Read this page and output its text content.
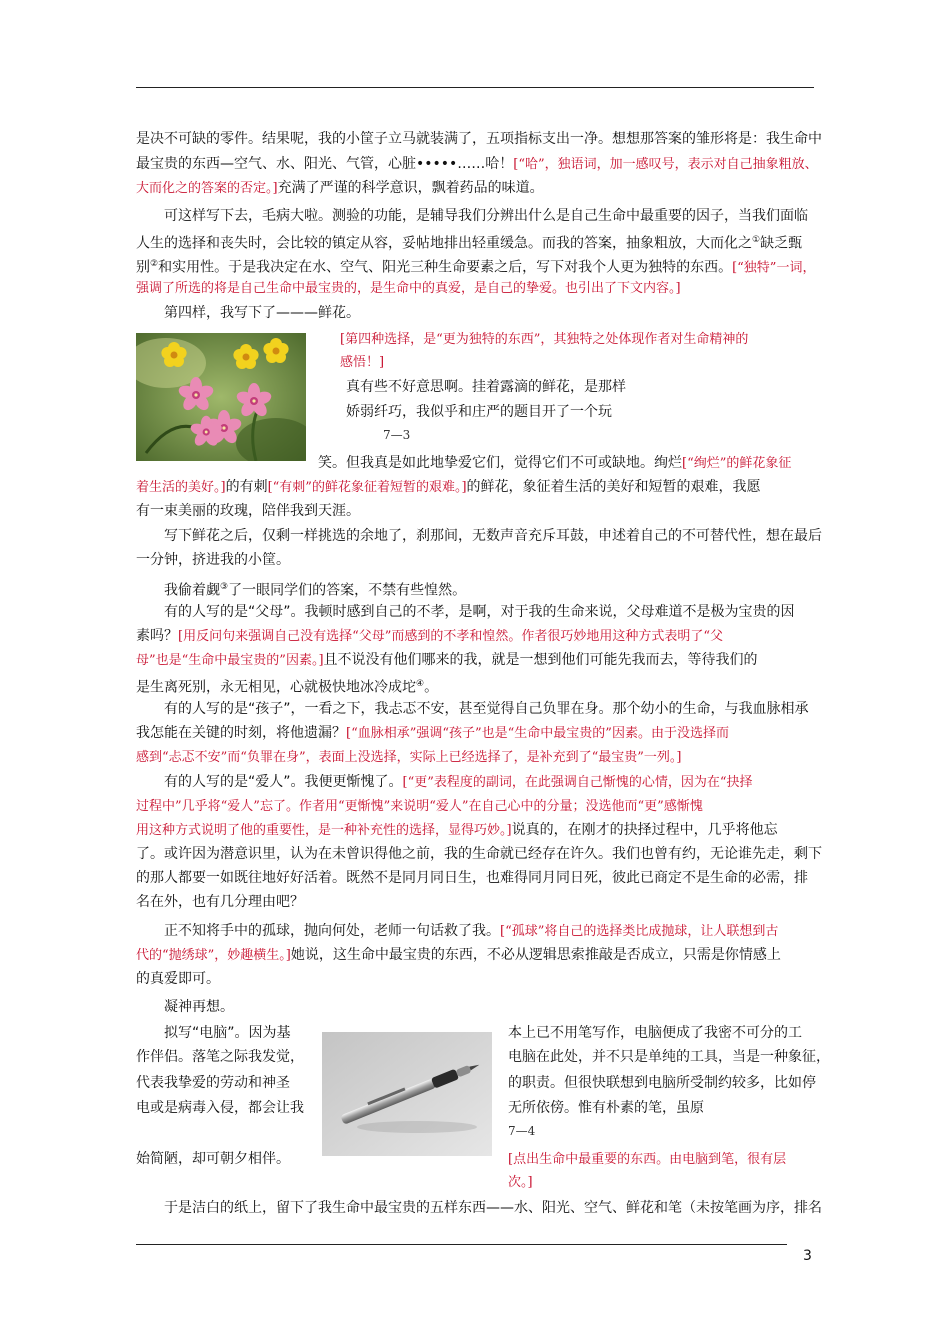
是决不可缺的零件。结果呢，我的小筐子立马就装满了，五项指标支出一净。想想那答案的雏形将是：我生命中
最宝贵的东西—空气、水、阳光、气管，心脏•••••……哈！[“哈”，独语词，加一感叹号，表示对自己抽象粗放、
大而化之的答案的否定。]充满了严谨的科学意识，飘着药品的味道。
可这样写下去，毛病大啦。测验的功能，是辅导我们分辨出什么是自己生命中最重要的因子，当我们面临
人生的选择和丧失时，会比较的镇定从容，妥帖地排出轻重缓急。而我的答案，抽象粗放，大而化之①缺乏甄
别②和实用性。于是我决定在水、空气、阳光三种生命要素之后，写下对我个人更为独特的东西。[“独特”一词，
强调了所选的将是自己生命中最宝贵的，是生命中的真爱，是自己的挚爱。也引出了下文内容。]
第四样，我写下了———鲜花。
[第四种选择，是“更为独特的东西”，其独特之处体现作者对生命精神的
感悟！]
真有些不好意思啊。挂着露滴的鲜花，是那样
娇弱纤巧，我似乎和庄严的题目开了一个玩
7—3
笑。但我真是如此地挚爱它们，觉得它们不可或缺地。绚烂[“绚烂”的鲜花象征
着生活的美好。]的有刺[“有刺”的鲜花象征着短暂的艰难。]的鲜花，象征着生活的美好和短暂的艰难，我愿
有一束美丽的玫瑰，陪伴我到天涯。
写下鲜花之后，仅剩一样挑选的余地了，刹那间，无数声音充斥耳鼓，申述着自己的不可替代性，想在最后
一分钟，挤进我的小筐。
我偷着觑③了一眼同学们的答案，不禁有些惶然。
有的人写的是“父母”。我顿时感到自己的不孝，是啊，对于我的生命来说，父母难道不是极为宝贵的因
素吗？[用反问句来强调自己没有选择“父母”而感到的不孝和惶然。作者很巧妙地用这种方式表明了“父
母”也是“生命中最宝贵的”因素。]且不说没有他们哪来的我，就是一想到他们可能先我而去，等待我们的
是生离死别，永无相见，心就极快地冰冷成坨④。
有的人写的是“孩子”，一看之下，我忐忑不安，甚至觉得自己负罪在身。那个幼小的生命，与我血脉相承
我怎能在关键的时刻，将他遗漏？[“血脉相承”强调“孩子”也是“生命中最宝贵的”因素。由于没选择而
感到“忐忑不安”而“负罪在身”，表面上没选择，实际上已经选择了，是补充到了“最宝贵”一列。]
有的人写的是“爱人”。我便更惭愧了。[“更”表程度的副词，在此强调自己惭愧的心情，因为在“抉择
过程中”几乎将“爱人”忘了。作者用“更惭愧”来说明“爱人”在自己心中的分量；没选他而“更”感惭愧
用这种方式说明了他的重要性，是一种补充性的选择，显得巧妙。]说真的，在刚才的抉择过程中，几乎将他忘
了。或许因为潜意识里，认为在未曾识得他之前，我的生命就已经存在许久。我们也曾有约，无论谁先走，剩下
的那人都要一如既往地好好活着。既然不是同月同日生，也难得同月同日死，彼此已商定不是生命的必需，排
名在外，也有几分理由吧？
正不知将手中的孤球，抛向何处，老师一句话救了我。[“孤球”将自己的选择类比成抛球，让人联想到古
代的“抛绣球”，妙趣横生。]她说，这生命中最宝贵的东西，不必从逻辑思索推敲是否成立，只需是你情感上
的真爱即可。
凝神再想。
拟写“电脑”。因为基
作伴侣。落笔之际我发觉，
代表我挚爱的劳动和神圣
电或是病毒入侵，都会让我
始简陋，却可朝夕相伴。
本上已不用笔写作，电脑便成了我密不可分的工
电脑在此处，并不只是单纯的工具，当是一种象征，
的职责。但很快联想到电脑所受制约较多，比如停
无所依傍。惟有朴素的笔，虽原
7—4
[点出生命中最重要的东西。由电脑到笔，很有层
次。]
于是洁白的纸上，留下了我生命中最宝贵的五样东西——水、阳光、空气、鲜花和笔（未按笔画为序，排名
3
